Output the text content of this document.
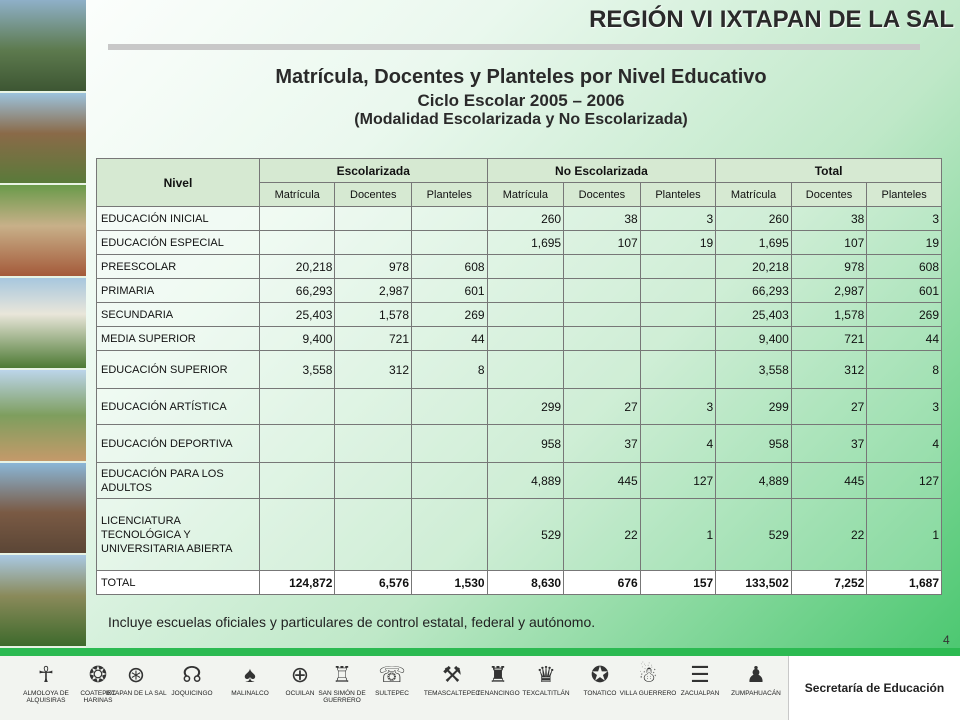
REGIÓN VI IXTAPAN DE LA SAL
Matrícula, Docentes y Planteles por Nivel Educativo
Ciclo Escolar 2005 – 2006
(Modalidad Escolarizada y No Escolarizada)
Nivel	Escolarizada			No Escolarizada			Total		
	Matrícula	Docentes	Planteles	Matrícula	Docentes	Planteles	Matrícula	Docentes	Planteles
EDUCACIÓN INICIAL				260	38	3	260	38	3
EDUCACIÓN ESPECIAL				1,695	107	19	1,695	107	19
PREESCOLAR	20,218	978	608				20,218	978	608
PRIMARIA	66,293	2,987	601				66,293	2,987	601
SECUNDARIA	25,403	1,578	269				25,403	1,578	269
MEDIA SUPERIOR	9,400	721	44				9,400	721	44
EDUCACIÓN SUPERIOR	3,558	312	8				3,558	312	8
EDUCACIÓN ARTÍSTICA				299	27	3	299	27	3
EDUCACIÓN DEPORTIVA				958	37	4	958	37	4
EDUCACIÓN PARA LOS ADULTOS				4,889	445	127	4,889	445	127
LICENCIATURA TECNOLÓGICA Y UNIVERSITARIA ABIERTA				529	22	1	529	22	1
TOTAL	124,872	6,576	1,530	8,630	676	157	133,502	7,252	1,687
Incluye escuelas oficiales y particulares de control estatal, federal y autónomo.
4
☥
ALMOLOYA DE ALQUISIRAS
❂
COATEPEC HARINAS
⊛
IXTAPAN DE LA SAL
☊
JOQUICINGO
♠
MALINALCO
⊕
OCUILAN
♖
SAN SIMÓN DE GUERRERO
☏
SULTEPEC
⚒
TEMASCALTEPEC
♜
TENANCINGO
♛
TEXCALTITLÁN
✪
TONATICO
☃
VILLA GUERRERO
☰
ZACUALPAN
♟
ZUMPAHUACÁN	Secretaría de Educación
